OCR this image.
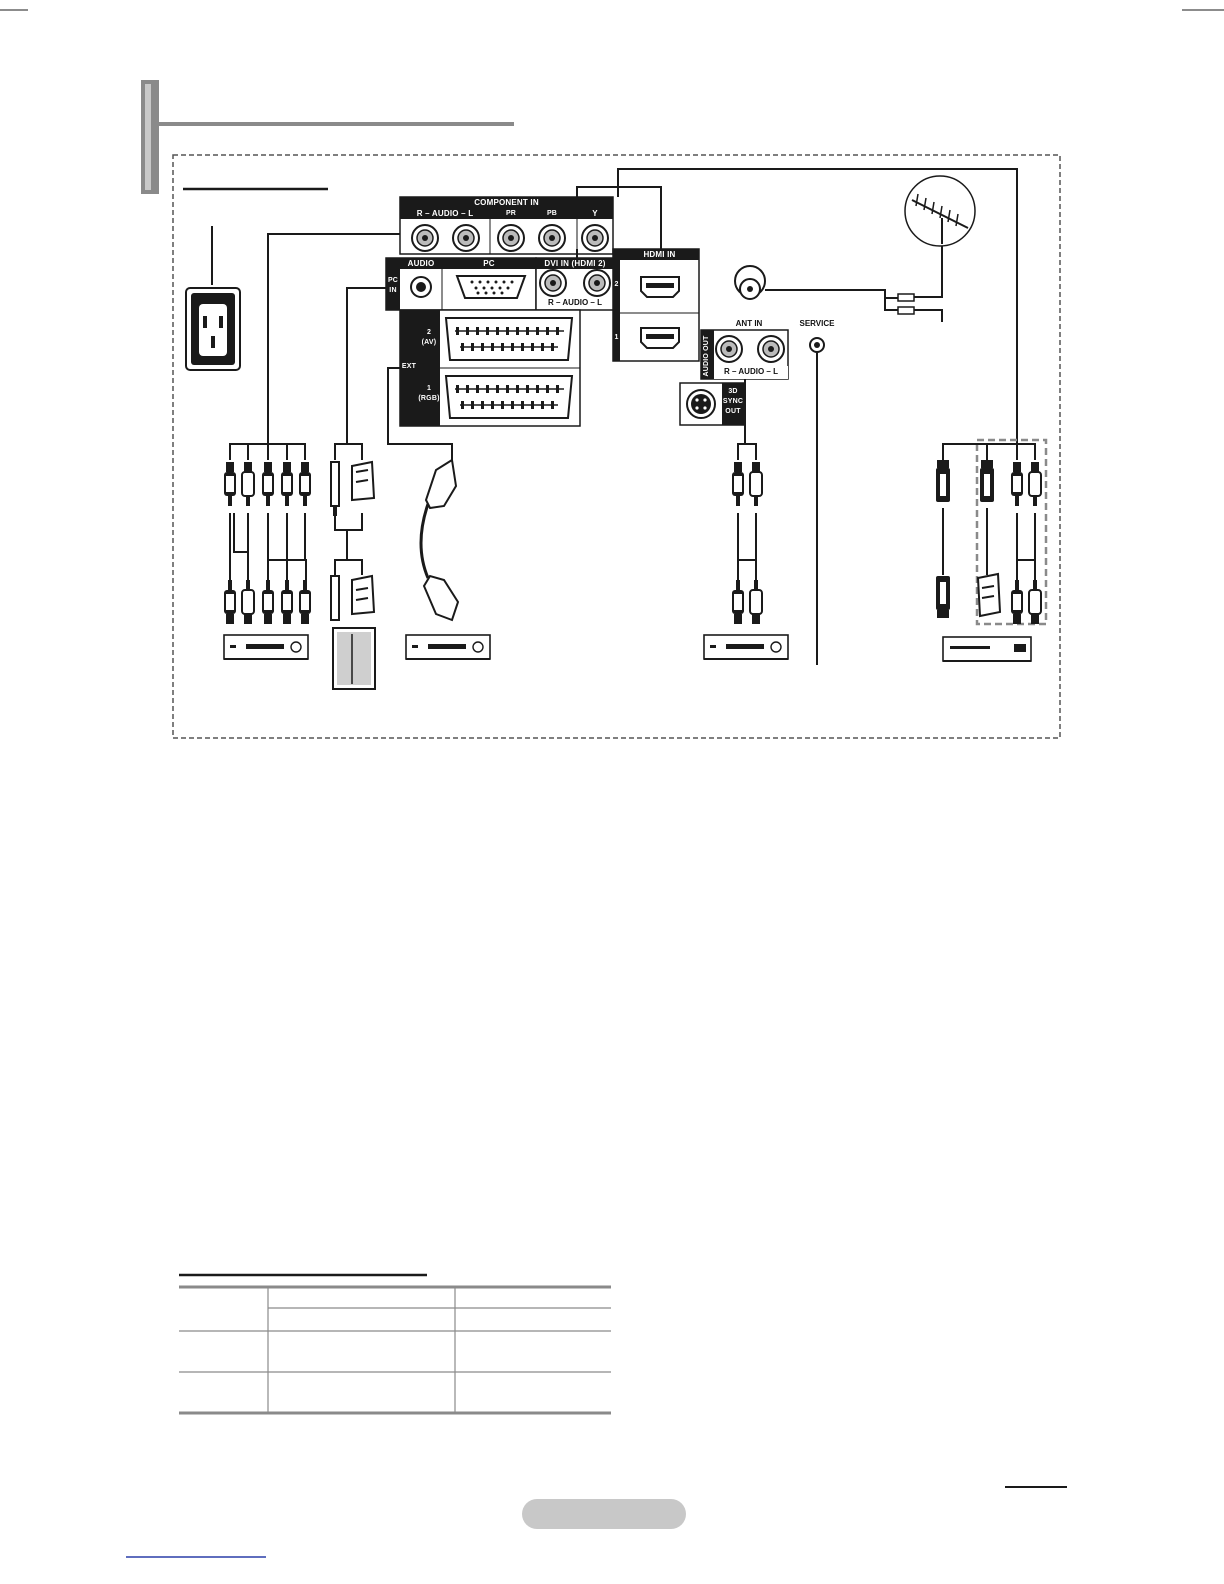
COMPONENT IN
R – AUDIO – L	PR	PB	Y
AUDIO	PC
PC
IN
DVI IN (HDMI 2)
R – AUDIO – L
HDMI IN
2
1
EXT
2
(AV)
1
(RGB)
ANT IN	SERVICE
AUDIO OUT	R – AUDIO – L
3D
SYNC
OUT
